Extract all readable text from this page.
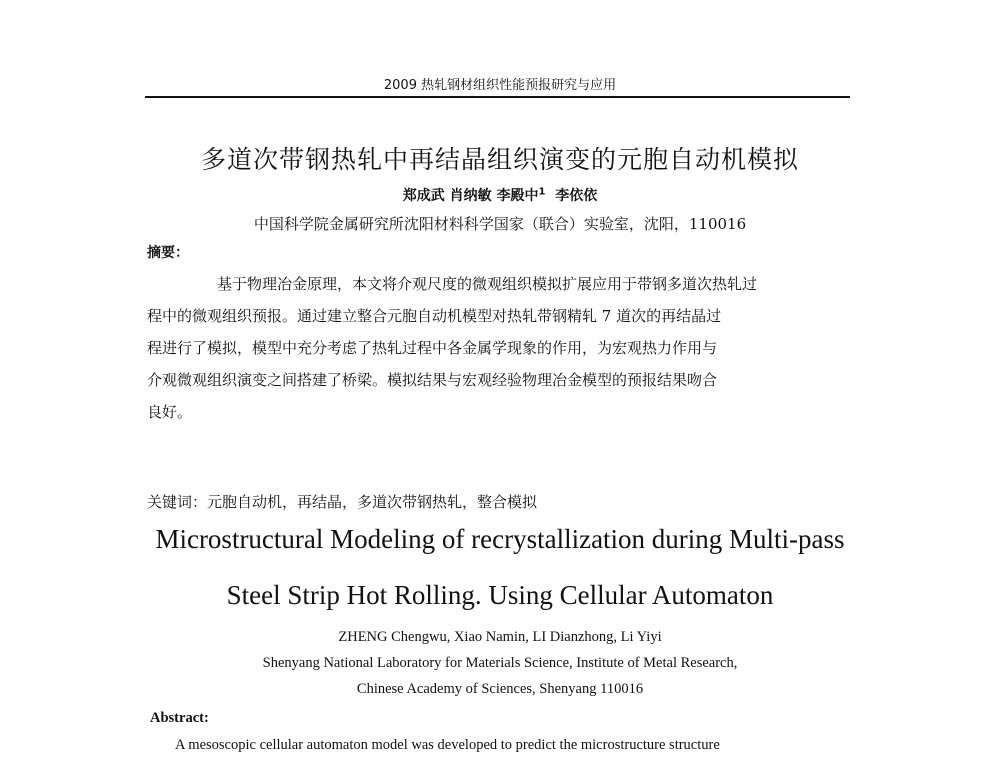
2009 热轧钢材组织性能预报研究与应用
多道次带钢热轧中再结晶组织演变的元胞自动机模拟
郑成武 肖纳敏 李殿中$^1$ 李依依
中国科学院金属研究所沈阳材料科学国家（联合）实验室，沈阳，110016
摘要：
基于物理冶金原理，本文将介观尺度的微观组织模拟扩展应用于带钢多道次热轧过
程中的微观组织预报。通过建立整合元胞自动机模型对热轧带钢精轧 7 道次的再结晶过
程进行了模拟，模型中充分考虑了热轧过程中各金属学现象的作用，为宏观热力作用与
介观微观组织演变之间搭建了桥梁。模拟结果与宏观经验物理冶金模型的预报结果吻合
良好。
关键词：元胞自动机，再结晶，多道次带钢热轧，整合模拟
Microstructural Modeling of recrystallization during Multi-pass
Steel Strip Hot Rolling. Using Cellular Automaton
ZHENG Chengwu, Xiao Namin, LI Dianzhong, Li Yiyi
Shenyang National Laboratory for Materials Science, Institute of Metal Research,
Chinese Academy of Sciences, Shenyang 110016
Abstract:
A mesoscopic cellular automaton model was developed to predict the microstructure structure
